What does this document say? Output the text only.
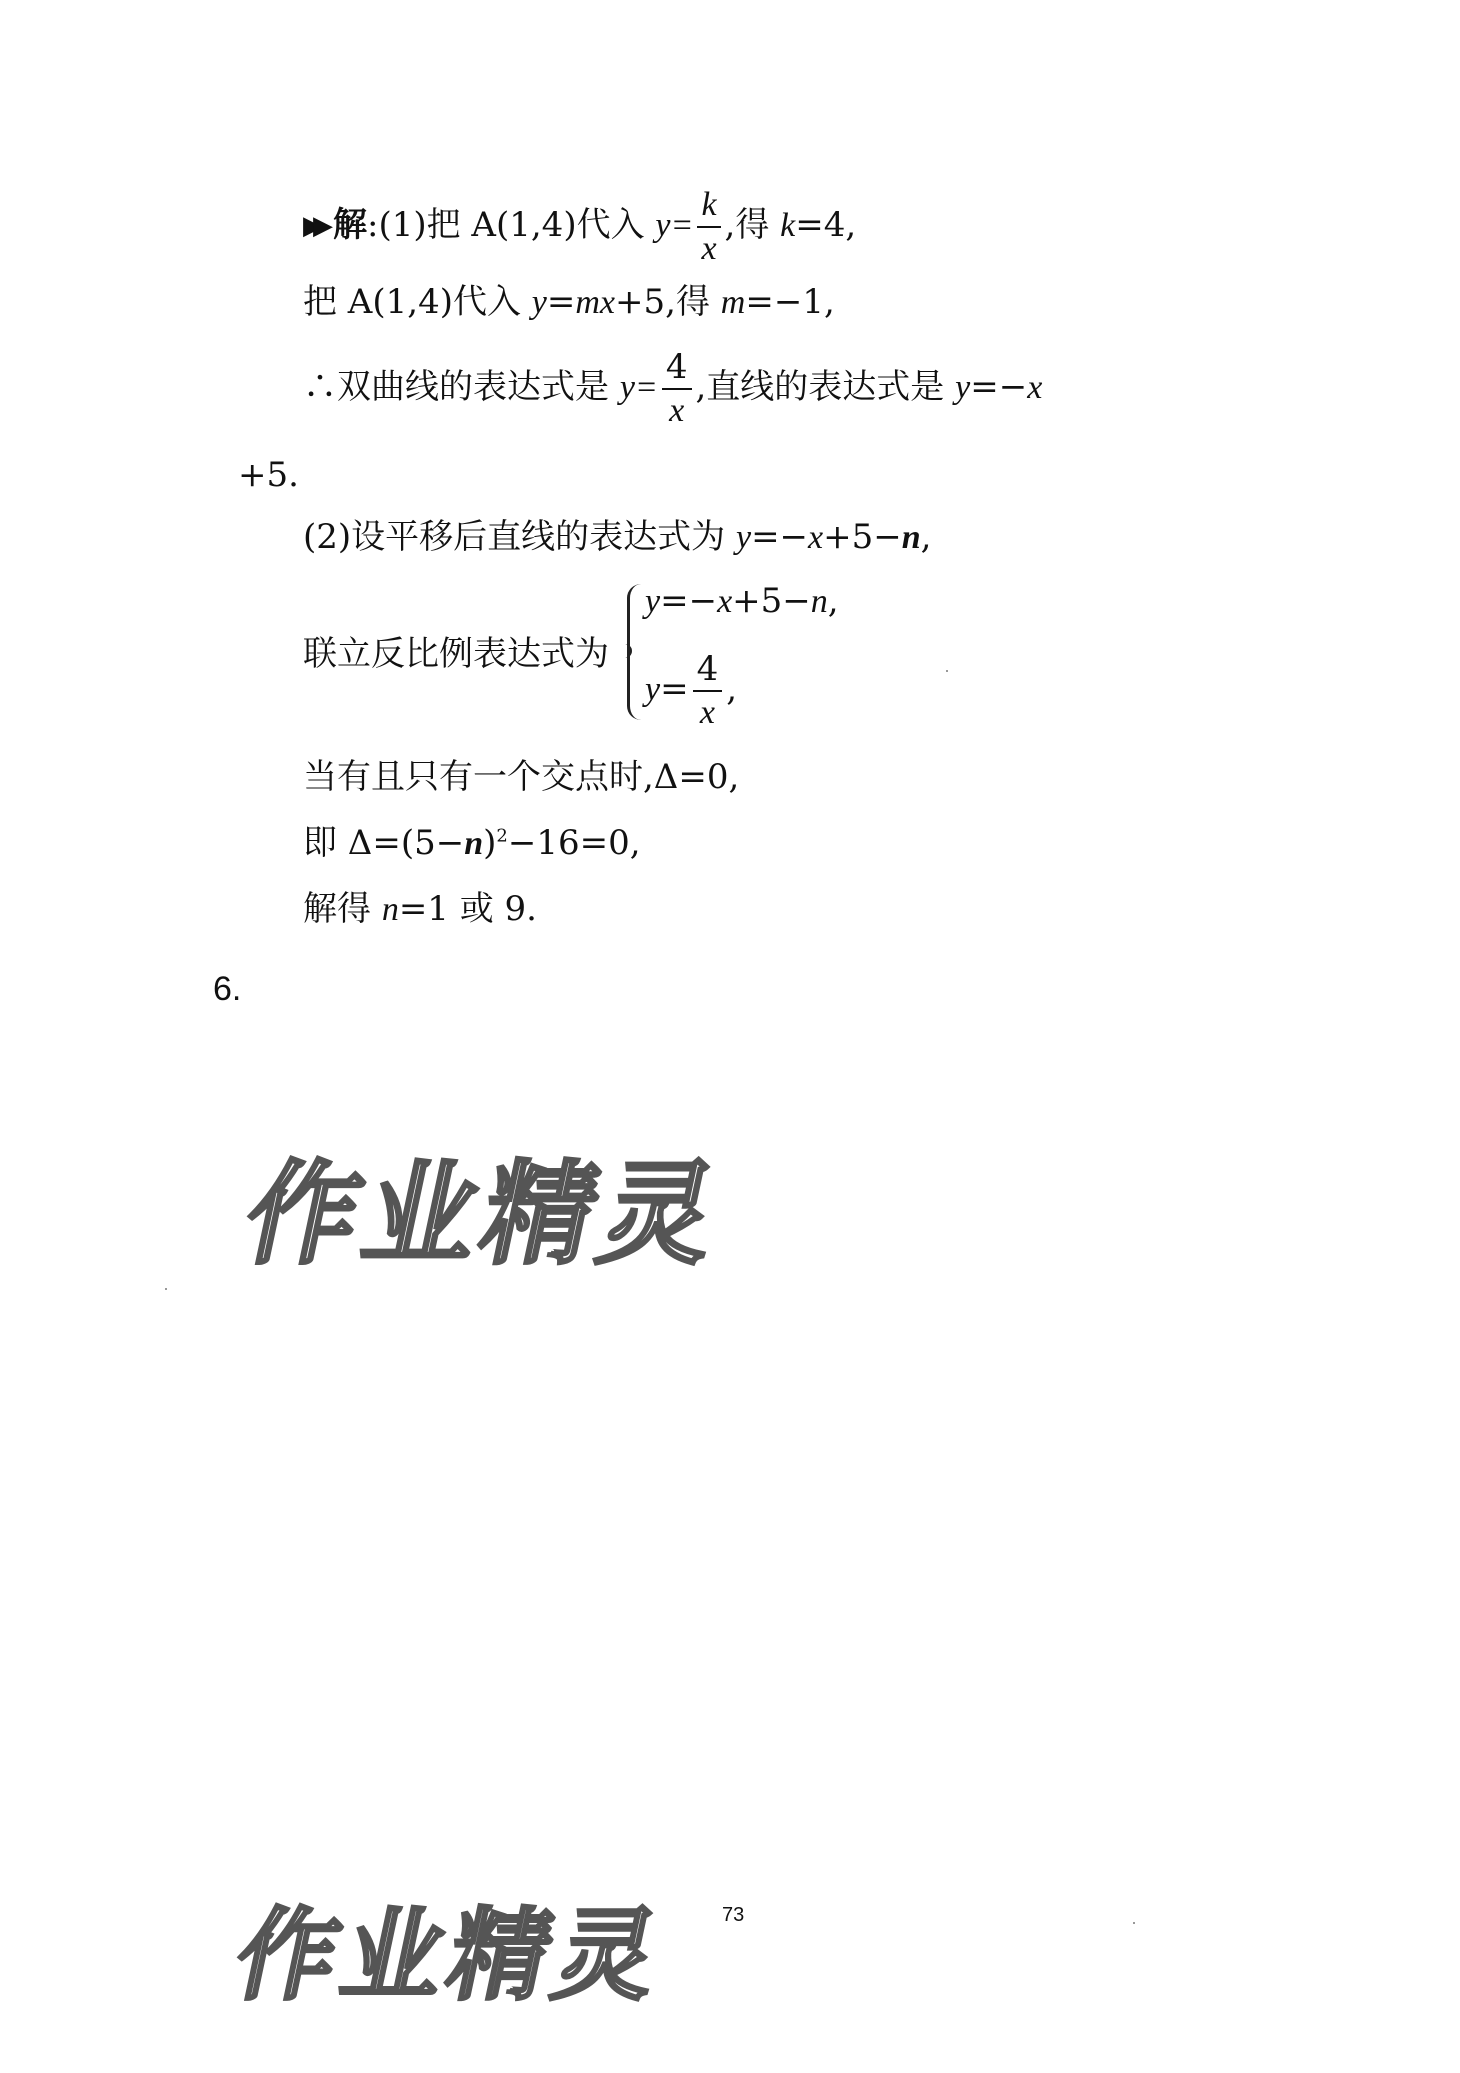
▶▶ 解:(1)把 A(1,4)代入 $y= \frac{k}{x}$ ,得 k=4,
把 A(1,4)代入 y=mx+5,得 m=−1,
∴双曲线的表达式是 $y= \frac{4}{x}$ ,直线的表达式是 y=−x
+5.
(2)设平移后直线的表达式为 y=−x+5−n,
联立反比例表达式为
y=−x+5−n,
$y= \frac{4}{x}$ ,
当有且只有一个交点时,Δ=0,
即 $\Delta=(5-n)^2-16=0$,
解得 n=1 或 9.
6.
作业精灵
作业精灵 73
